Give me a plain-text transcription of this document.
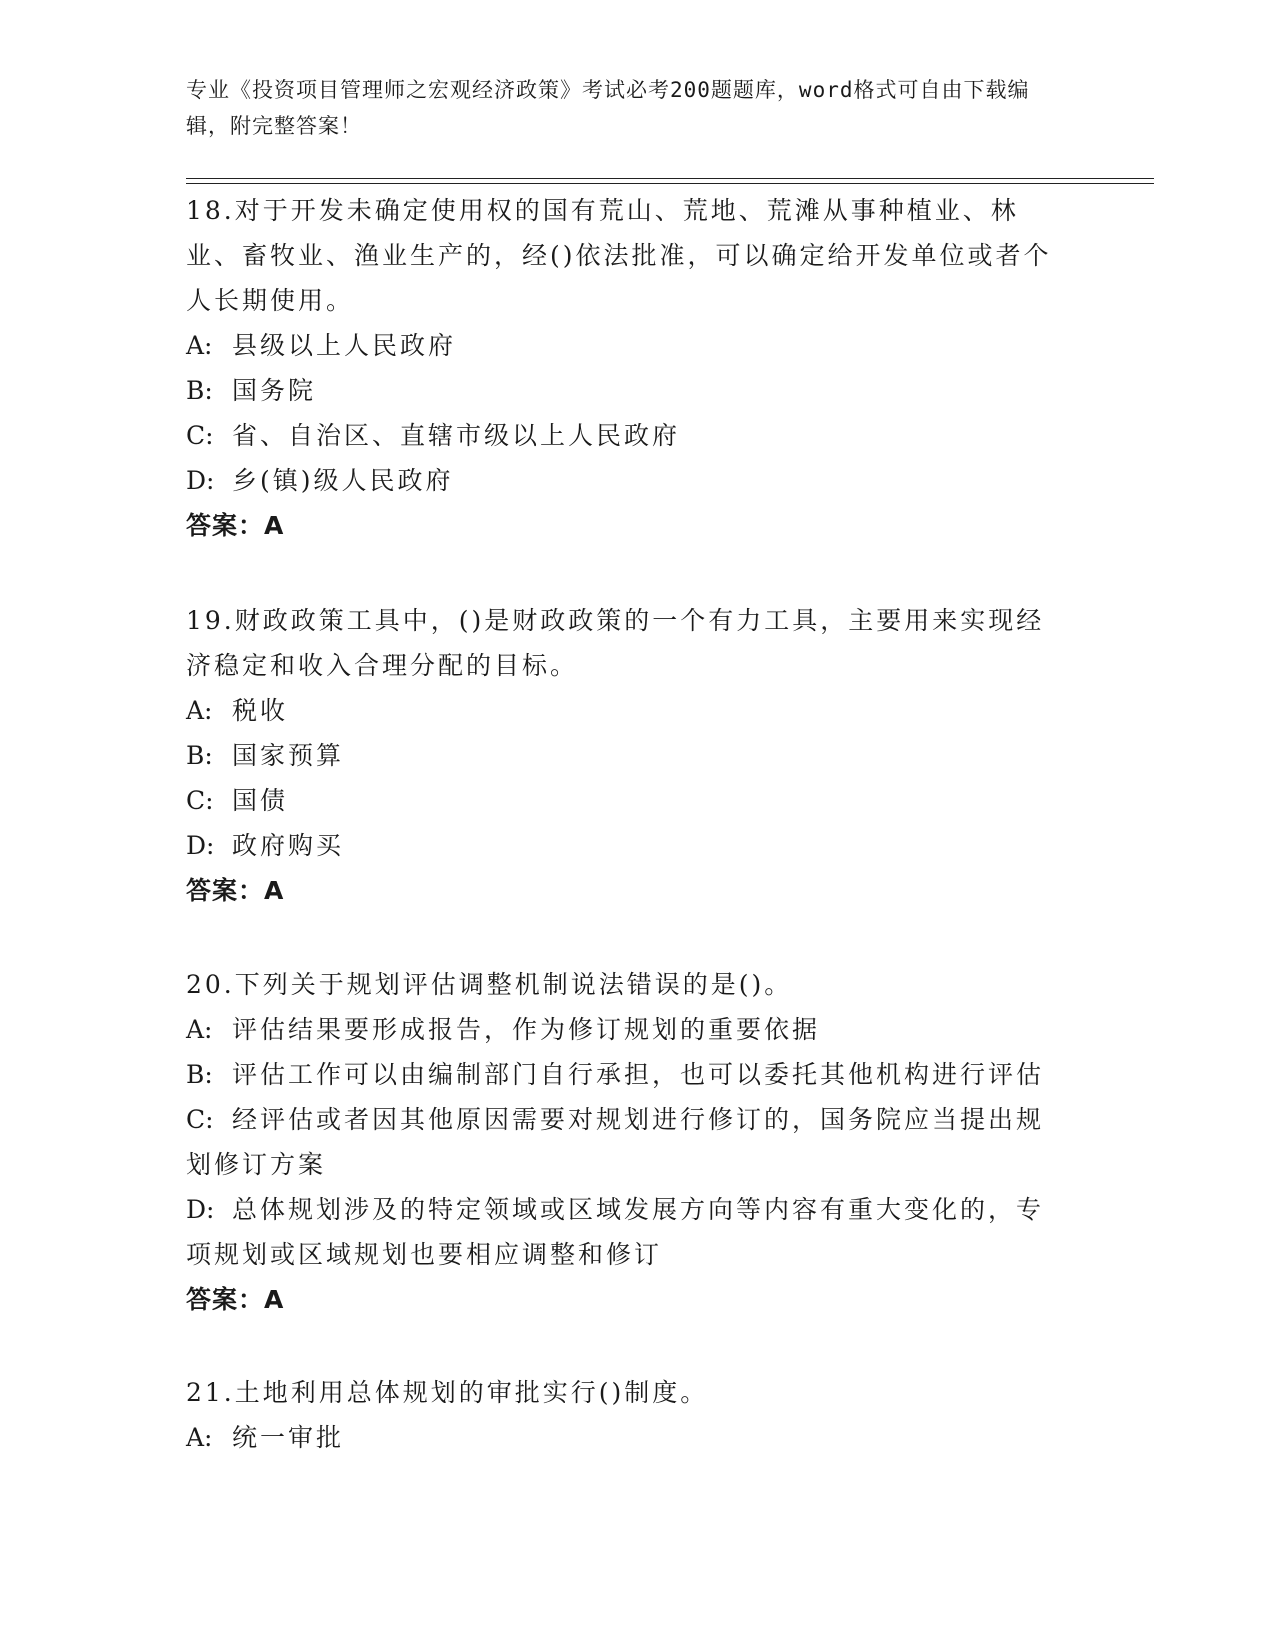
专业《投资项目管理师之宏观经济政策》考试必考200题题库，word格式可自由下载编辑，附完整答案！

18.对于开发未确定使用权的国有荒山、荒地、荒滩从事种植业、林业、畜牧业、渔业生产的，经()依法批准，可以确定给开发单位或者个人长期使用。

A: 县级以上人民政府

B: 国务院

C: 省、自治区、直辖市级以上人民政府

D: 乡(镇)级人民政府

答案：A

19.财政政策工具中，()是财政政策的一个有力工具，主要用来实现经济稳定和收入合理分配的目标。

A: 税收

B: 国家预算

C: 国债

D: 政府购买

答案：A

20.下列关于规划评估调整机制说法错误的是()。

A: 评估结果要形成报告，作为修订规划的重要依据

B: 评估工作可以由编制部门自行承担，也可以委托其他机构进行评估

C: 经评估或者因其他原因需要对规划进行修订的，国务院应当提出规划修订方案

D: 总体规划涉及的特定领域或区域发展方向等内容有重大变化的，专项规划或区域规划也要相应调整和修订

答案：A

21.土地利用总体规划的审批实行()制度。

A: 统一审批
